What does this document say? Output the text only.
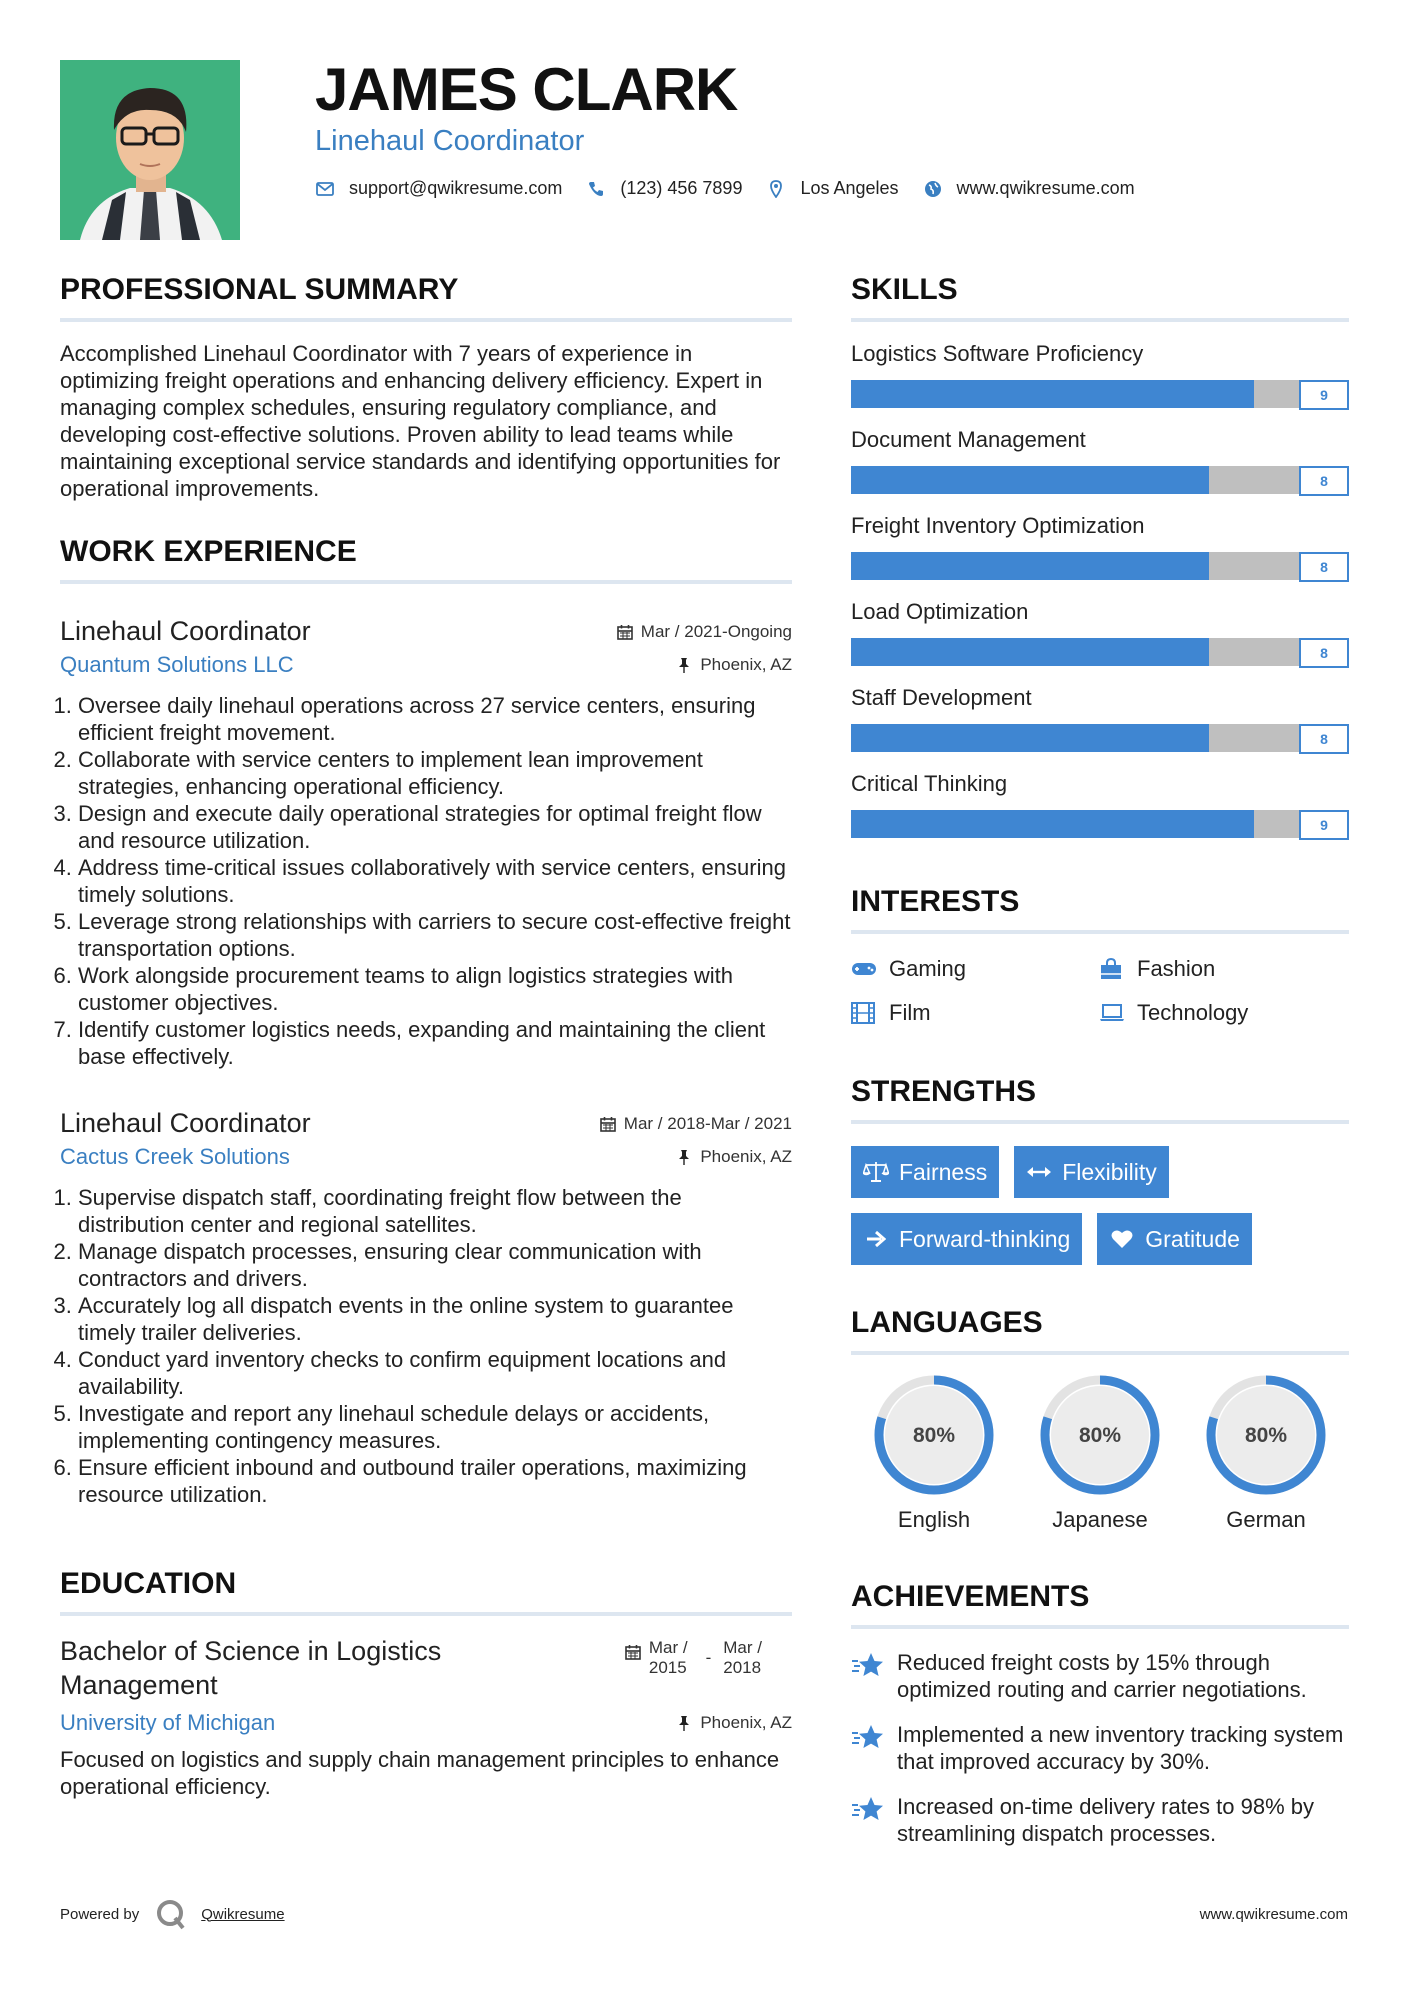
JAMES CLARK
Linehaul Coordinator
support@qwikresume.com	(123) 456 7899	Los Angeles	www.qwikresume.com
PROFESSIONAL SUMMARY

Accomplished Linehaul Coordinator with 7 years of experience in optimizing freight operations and enhancing delivery efficiency. Expert in managing complex schedules, ensuring regulatory compliance, and developing cost-effective solutions. Proven ability to lead teams while maintaining exceptional service standards and identifying opportunities for operational improvements.

WORK EXPERIENCE
Linehaul Coordinator	Mar / 2021-Ongoing
Quantum Solutions LLC	Phoenix, AZ
1. Oversee daily linehaul operations across 27 service centers, ensuring efficient freight movement.
2. Collaborate with service centers to implement lean improvement strategies, enhancing operational efficiency.
3. Design and execute daily operational strategies for optimal freight flow and resource utilization.
4. Address time-critical issues collaboratively with service centers, ensuring timely solutions.
5. Leverage strong relationships with carriers to secure cost-effective freight transportation options.
6. Work alongside procurement teams to align logistics strategies with customer objectives.
7. Identify customer logistics needs, expanding and maintaining the client base effectively.
Linehaul Coordinator	Mar / 2018-Mar / 2021
Cactus Creek Solutions	Phoenix, AZ
1. Supervise dispatch staff, coordinating freight flow between the distribution center and regional satellites.
2. Manage dispatch processes, ensuring clear communication with contractors and drivers.
3. Accurately log all dispatch events in the online system to guarantee timely trailer deliveries.
4. Conduct yard inventory checks to confirm equipment locations and availability.
5. Investigate and report any linehaul schedule delays or accidents, implementing contingency measures.
6. Ensure efficient inbound and outbound trailer operations, maximizing resource utilization.
EDUCATION
Bachelor of Science in Logistics Management
Mar /
2015
-
Mar /
2018
University of Michigan	Phoenix, AZ
Focused on logistics and supply chain management principles to enhance operational efficiency.
SKILLS
Logistics Software Proficiency
9
Document Management
8
Freight Inventory Optimization
8
Load Optimization
8
Staff Development
8
Critical Thinking
9
INTERESTS
Gaming	Fashion
Film	Technology
STRENGTHS
Fairness	Flexibility
Forward-thinking	Gratitude
LANGUAGES
80%
English
80%
Japanese
80%
German
ACHIEVEMENTS
Reduced freight costs by 15% through optimized routing and carrier negotiations.
Implemented a new inventory tracking system that improved accuracy by 30%.
Increased on-time delivery rates to 98% by streamlining dispatch processes.
Powered by	Qwikresume	www.qwikresume.com
